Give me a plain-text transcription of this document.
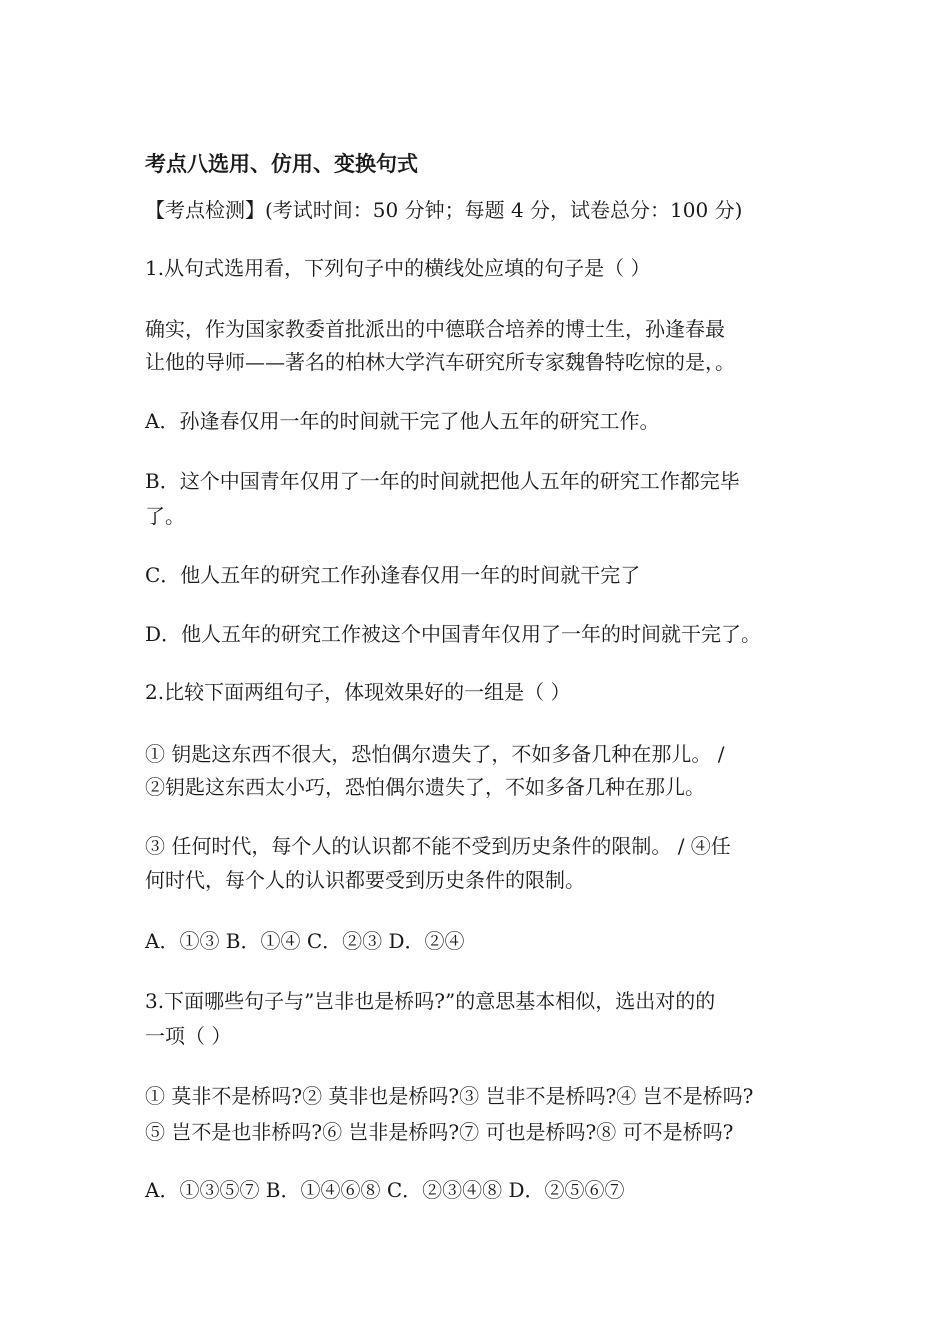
考点八选用、仿用、变换句式

【考点检测】(考试时间：50 分钟；每题 4 分，试卷总分：100 分)

1.从句式选用看，下列句子中的横线处应填的句子是（ ）

确实，作为国家教委首批派出的中德联合培养的博士生，孙逢春最

让他的导师——著名的柏林大学汽车研究所专家魏鲁特吃惊的是，。

A．孙逢春仅用一年的时间就干完了他人五年的研究工作。

B．这个中国青年仅用了一年的时间就把他人五年的研究工作都完毕

了。

C．他人五年的研究工作孙逢春仅用一年的时间就干完了

D．他人五年的研究工作被这个中国青年仅用了一年的时间就干完了。

2.比较下面两组句子，体现效果好的一组是（ ）

① 钥匙这东西不很大，恐怕偶尔遗失了，不如多备几种在那儿。 /

②钥匙这东西太小巧，恐怕偶尔遗失了，不如多备几种在那儿。

③ 任何时代，每个人的认识都不能不受到历史条件的限制。 / ④任

何时代，每个人的认识都要受到历史条件的限制。

A．①③ B．①④ C．②③ D．②④

3.下面哪些句子与”岂非也是桥吗?”的意思基本相似，选出对的的

一项（ ）

① 莫非不是桥吗?② 莫非也是桥吗?③ 岂非不是桥吗?④ 岂不是桥吗?

⑤ 岂不是也非桥吗?⑥ 岂非是桥吗?⑦ 可也是桥吗?⑧ 可不是桥吗?

A．①③⑤⑦ B．①④⑥⑧ C．②③④⑧ D．②⑤⑥⑦
